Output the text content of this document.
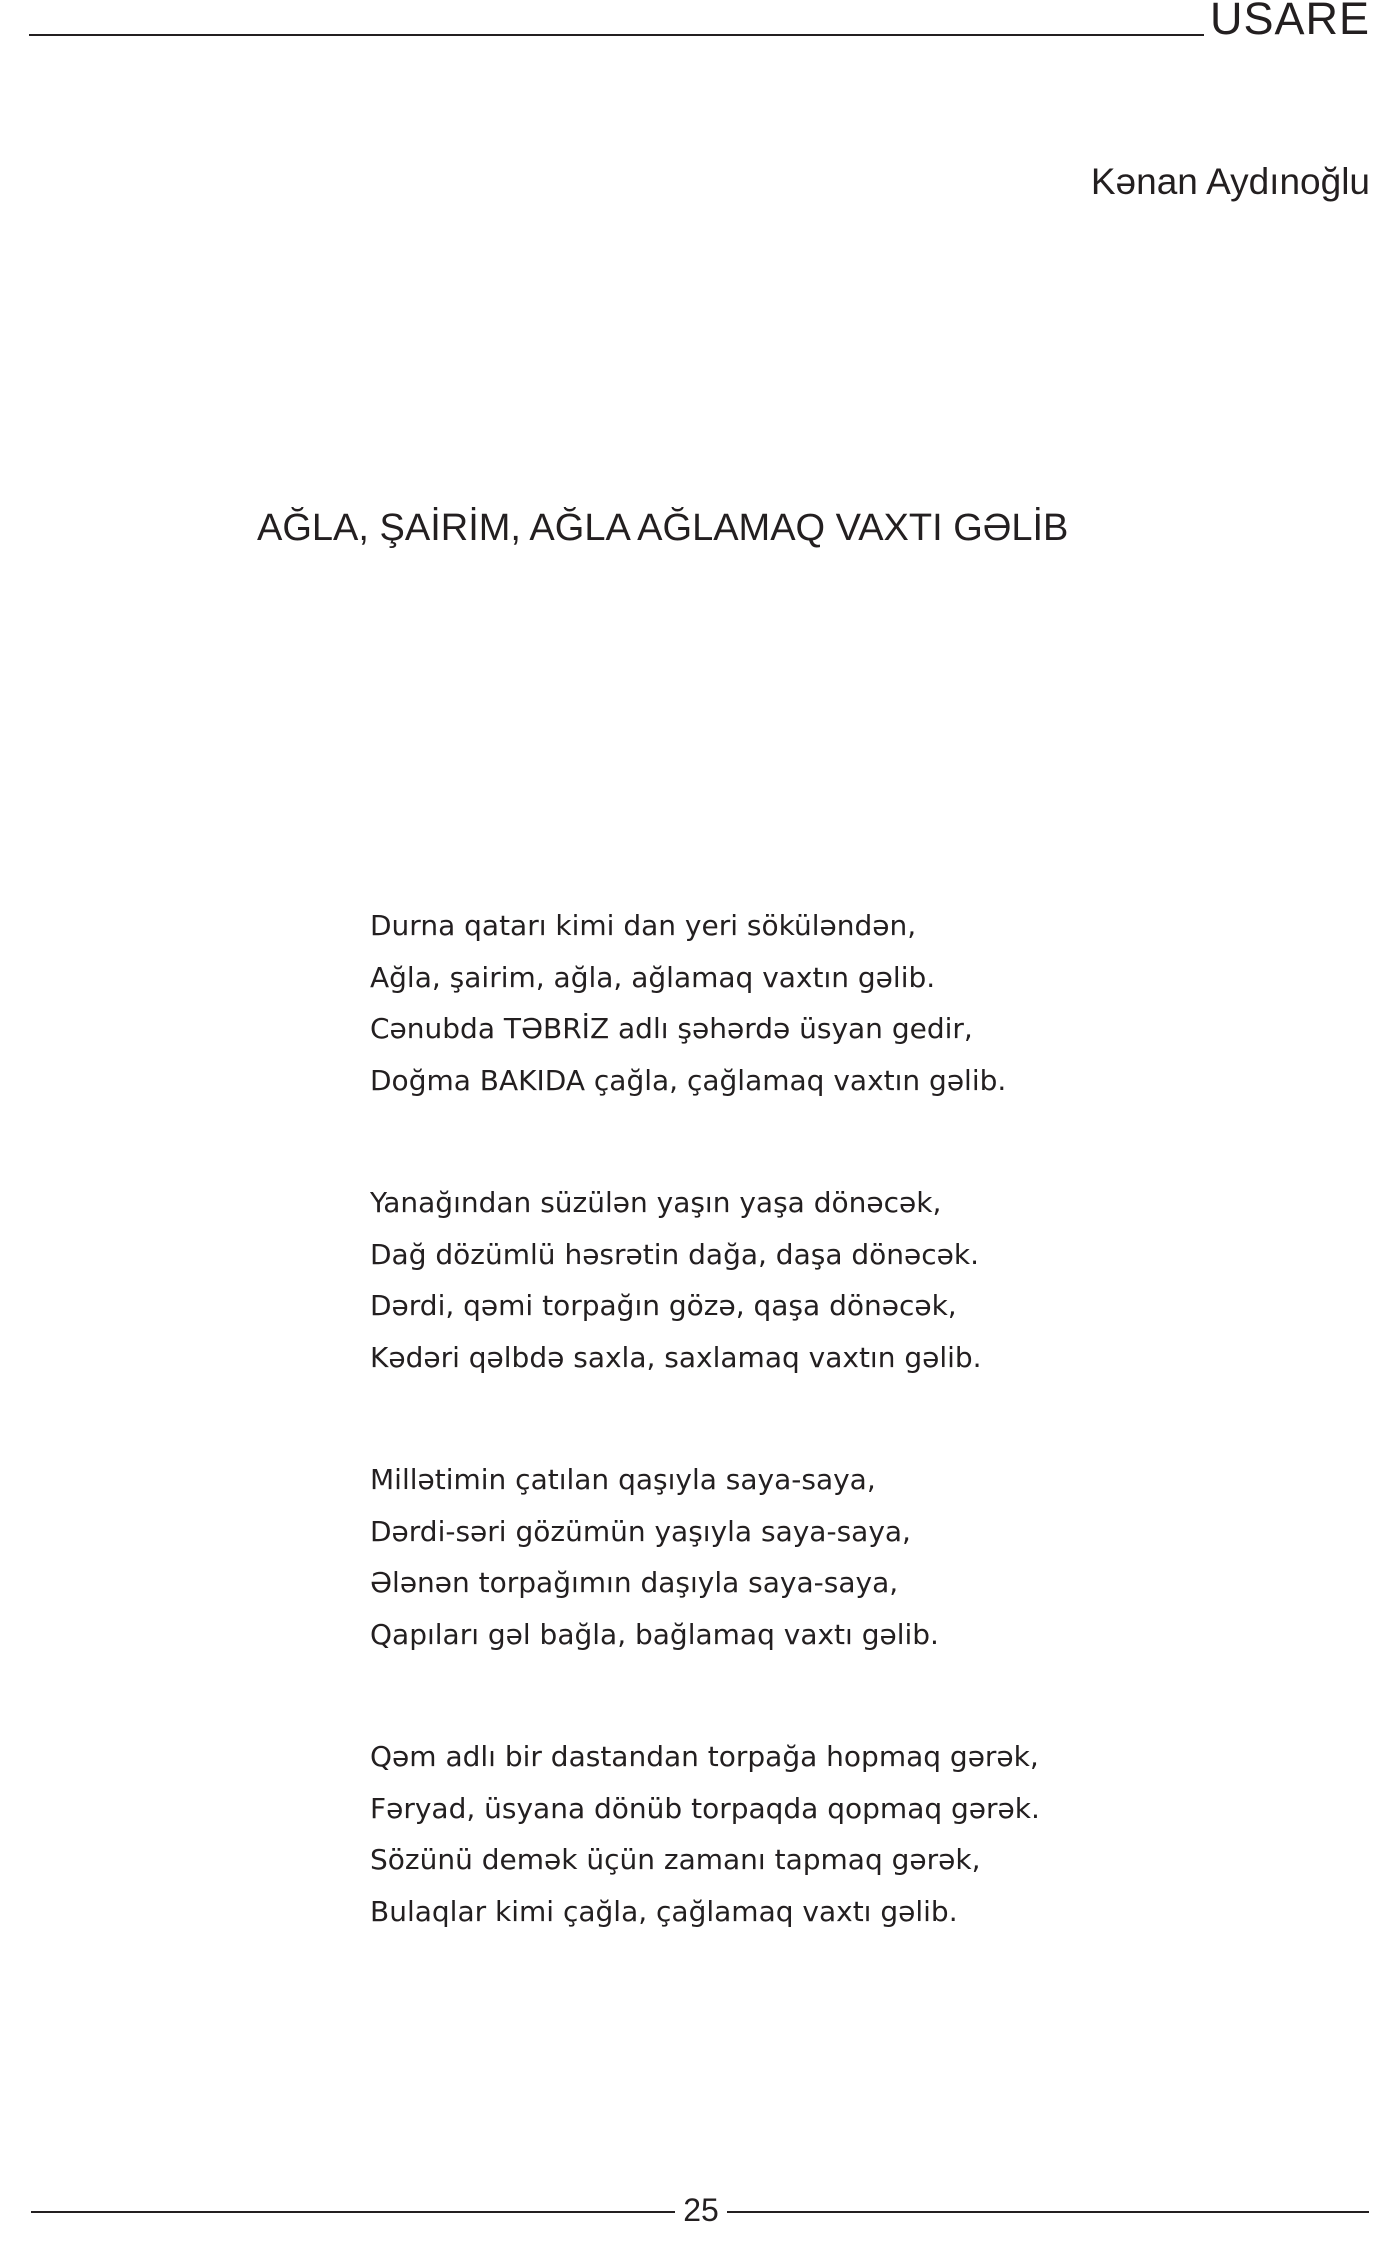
USARE
Kənan Aydınoğlu
AĞLA, ŞAİRİM, AĞLA AĞLAMAQ VAXTI GƏLİB
Durna qatarı kimi dan yeri sökülǝndǝn,
Ağla, şairim, ağla, ağlamaq vaxtın gǝlib.
Cǝnubda TƏBRİZ adlı şǝhǝrdǝ üsyan gedir,
Doğma BAKIDA çağla, çağlamaq vaxtın gǝlib.
Yanağından süzülǝn yaşın yaşa dönǝcǝk,
Dağ dözümlü hǝsrǝtin dağa, daşa dönǝcǝk.
Dǝrdi, qǝmi torpağın gözǝ, qaşa dönǝcǝk,
Kǝdǝri qǝlbdǝ saxla, saxlamaq vaxtın gǝlib.
Millǝtimin çatılan qaşıyla saya-saya,
Dǝrdi-sǝri gözümün yaşıyla saya-saya,
Əlǝnǝn torpağımın daşıyla saya-saya,
Qapıları gǝl bağla, bağlamaq vaxtı gǝlib.
Qǝm adlı bir dastandan torpağa hopmaq gǝrǝk,
Fǝryad, üsyana dönüb torpaqda qopmaq gǝrǝk.
Sözünü demǝk üçün zamanı tapmaq gǝrǝk,
Bulaqlar kimi çağla, çağlamaq vaxtı gǝlib.
25
